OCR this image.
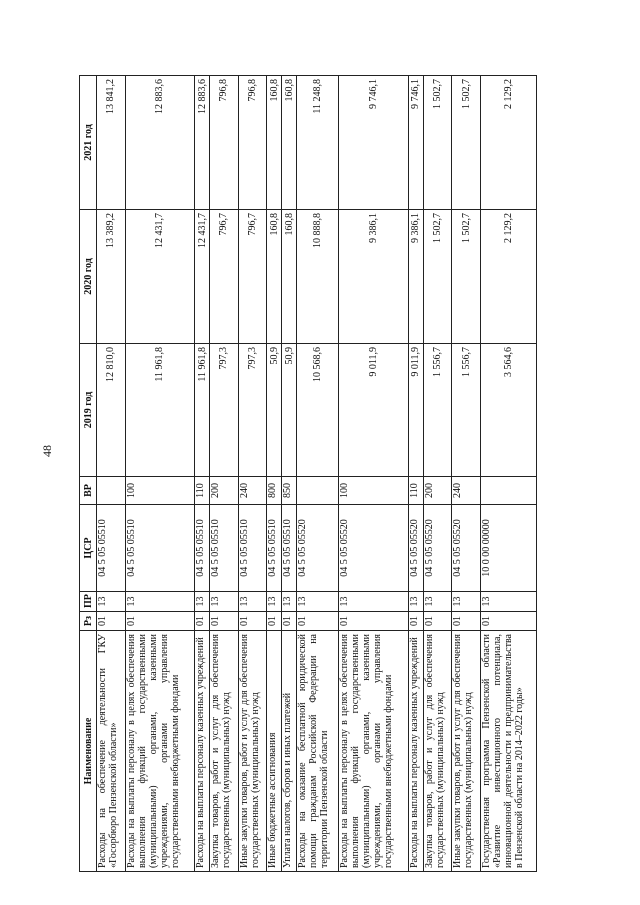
48
Наименование	Рз	ПР	ЦСР	ВР	2019 год	2020 год	2021 год
Расходы на обеспечение деятельности ГКУ «Госорбюро Пензенской области»	01	13	04 5 05 05510		12 810,0	13 389,2	13 841,2
Расходы на выплаты персоналу в целях обеспечения выполнения функций государственными (муниципальными) органами, казенными учреждениями, органами управления государственными внебюджетными фондами	01	13	04 5 05 05510	100	11 961,8	12 431,7	12 883,6
Расходы на выплаты персоналу казенных учреждений	01	13	04 5 05 05510	110	11 961,8	12 431,7	12 883,6
Закупка товаров, работ и услуг для обеспечения государственных (муниципальных) нужд	01	13	04 5 05 05510	200	797,3	796,7	796,8
Иные закупки товаров, работ и услуг для обеспечения государственных (муниципальных) нужд	01	13	04 5 05 05510	240	797,3	796,7	796,8
Иные бюджетные ассигнования	01	13	04 5 05 05510	800	50,9	160,8	160,8
Уплата налогов, сборов и иных платежей	01	13	04 5 05 05510	850	50,9	160,8	160,8
Расходы на оказание бесплатной юридической помощи гражданам Российской Федерации на территории Пензенской области	01	13	04 5 05 05520		10 568,6	10 888,8	11 248,8
Расходы на выплаты персоналу в целях обеспечения выполнения функций государственными (муниципальными) органами, казенными учреждениями, органами управления государственными внебюджетными фондами	01	13	04 5 05 05520	100	9 011,9	9 386,1	9 746,1
Расходы на выплаты персоналу казенных учреждений	01	13	04 5 05 05520	110	9 011,9	9 386,1	9 746,1
Закупка товаров, работ и услуг для обеспечения государственных (муниципальных) нужд	01	13	04 5 05 05520	200	1 556,7	1 502,7	1 502,7
Иные закупки товаров, работ и услуг для обеспечения государственных (муниципальных) нужд	01	13	04 5 05 05520	240	1 556,7	1 502,7	1 502,7
Государственная программа Пензенской области «Развитие инвестиционного потенциала, инновационной деятельности и предпринимательства в Пензенской области на 2014–2022 годы»	01	13	10 0 00 00000		3 564,6	2 129,2	2 129,2
